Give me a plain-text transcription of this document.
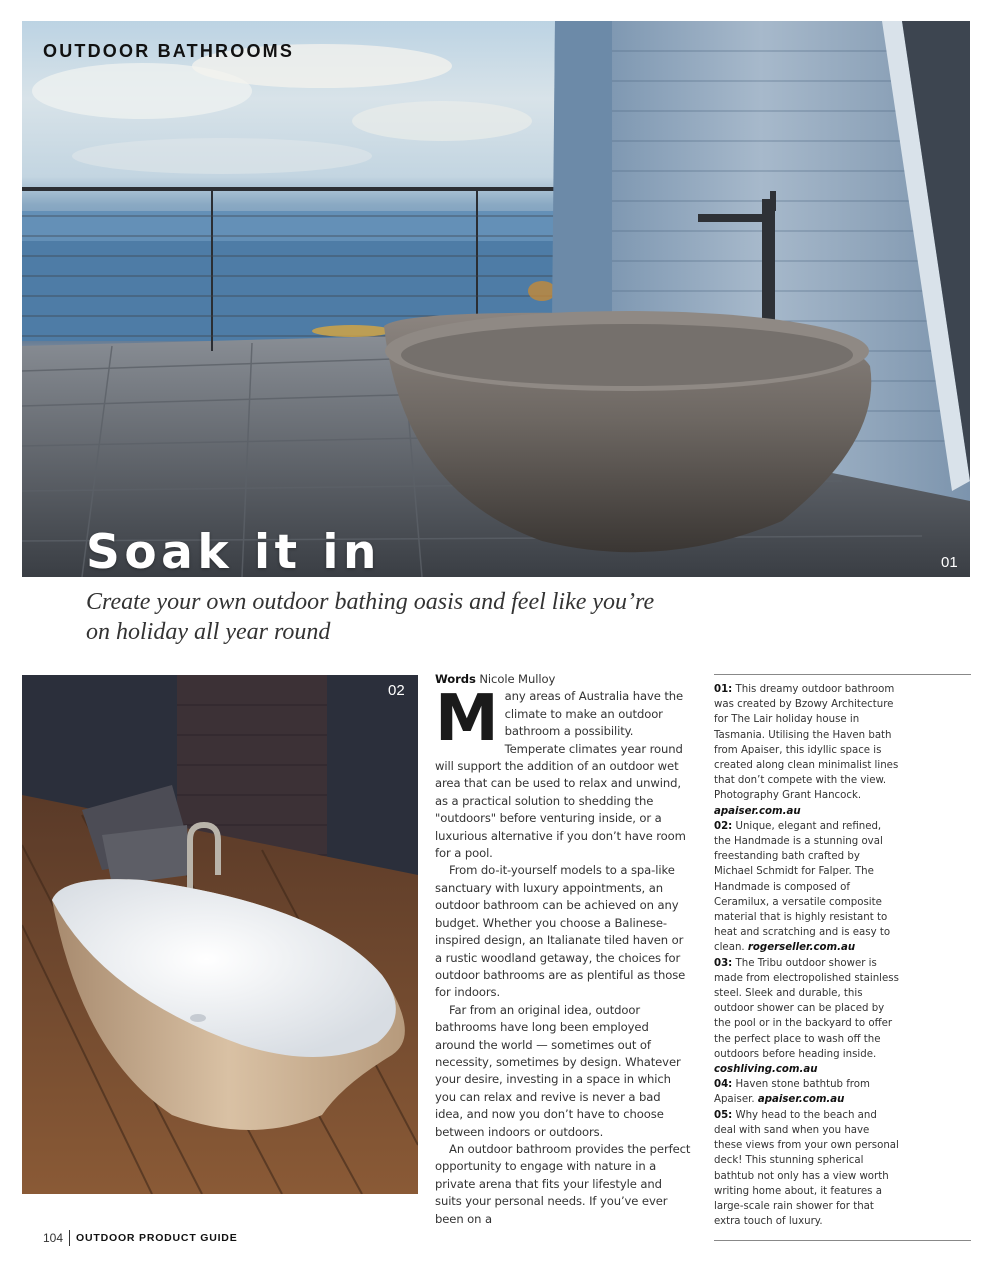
OUTDOOR BATHROOMS
Soak it in	01
Create your own outdoor bathing oasis and feel like you’re
on holiday all year round
02
Words Nicole Mulloy

Many areas of Australia have the climate to make an outdoor bathroom a possibility. Temperate climates year round will support the addition of an outdoor wet area that can be used to relax and unwind, as a practical solution to shedding the "outdoors" before venturing inside, or a luxurious alternative if you don’t have room for a pool.

From do-it-yourself models to a spa-like sanctuary with luxury appointments, an outdoor bathroom can be achieved on any budget. Whether you choose a Balinese-inspired design, an Italianate tiled haven or a rustic woodland getaway, the choices for outdoor bathrooms are as plentiful as those for indoors.

Far from an original idea, outdoor bathrooms have long been employed around the world — sometimes out of necessity, sometimes by design. Whatever your desire, investing in a space in which you can relax and revive is never a bad idea, and now you don’t have to choose between indoors or outdoors.

An outdoor bathroom provides the perfect opportunity to engage with nature in a private arena that fits your lifestyle and suits your personal needs. If you’ve ever been on a

01: This dreamy outdoor bathroom was created by Bzowy Architecture for The Lair holiday house in Tasmania. Utilising the Haven bath from Apaiser, this idyllic space is created along clean minimalist lines that don’t compete with the view. Photography Grant Hancock. apaiser.com.au
02: Unique, elegant and refined, the Handmade is a stunning oval freestanding bath crafted by Michael Schmidt for Falper. The Handmade is composed of Ceramilux, a versatile composite material that is highly resistant to heat and scratching and is easy to clean. rogerseller.com.au
03: The Tribu outdoor shower is made from electropolished stainless steel. Sleek and durable, this outdoor shower can be placed by the pool or in the backyard to offer the perfect place to wash off the outdoors before heading inside. coshliving.com.au
04: Haven stone bathtub from Apaiser. apaiser.com.au
05: Why head to the beach and deal with sand when you have these views from your own personal deck! This stunning spherical bathtub not only has a view worth writing home about, it features a large-scale rain shower for that extra touch of luxury.
104 OUTDOOR PRODUCT GUIDE
